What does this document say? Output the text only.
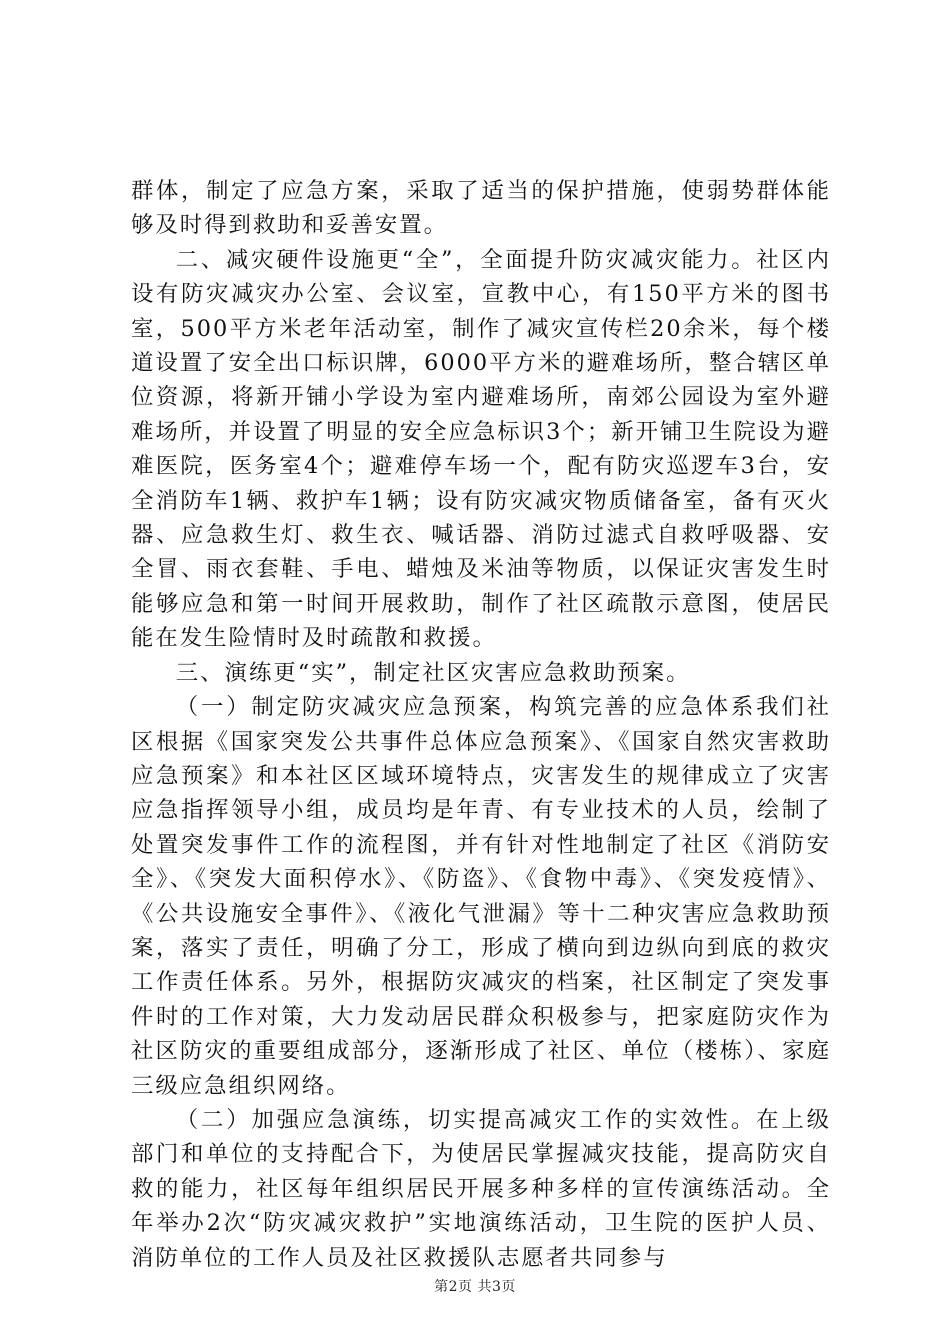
群体，制定了应急方案，采取了适当的保护措施，使弱势群体能够及时得到救助和妥善安置。

二、减灾硬件设施更“全”，全面提升防灾减灾能力。社区内设有防灾减灾办公室、会议室，宣教中心，有150平方米的图书室，500平方米老年活动室，制作了减灾宣传栏20余米，每个楼道设置了安全出口标识牌，6000平方米的避难场所，整合辖区单位资源，将新开铺小学设为室内避难场所，南郊公园设为室外避难场所，并设置了明显的安全应急标识3个；新开铺卫生院设为避难医院，医务室4个；避难停车场一个，配有防灾巡逻车3台，安全消防车1辆、救护车1辆；设有防灾减灾物质储备室，备有灭火器、应急救生灯、救生衣、喊话器、消防过滤式自救呼吸器、安全冒、雨衣套鞋、手电、蜡烛及米油等物质，以保证灾害发生时能够应急和第一时间开展救助，制作了社区疏散示意图，使居民能在发生险情时及时疏散和救援。

三、演练更“实”，制定社区灾害应急救助预案。

（一）制定防灾减灾应急预案，构筑完善的应急体系我们社区根据《国家突发公共事件总体应急预案》、《国家自然灾害救助应急预案》和本社区区域环境特点，灾害发生的规律成立了灾害应急指挥领导小组，成员均是年青、有专业技术的人员，绘制了处置突发事件工作的流程图，并有针对性地制定了社区《消防安全》、《突发大面积停水》、《防盗》、《食物中毒》、《突发疫情》、《公共设施安全事件》、《液化气泄漏》等十二种灾害应急救助预案，落实了责任，明确了分工，形成了横向到边纵向到底的救灾工作责任体系。另外，根据防灾减灾的档案，社区制定了突发事件时的工作对策，大力发动居民群众积极参与，把家庭防灾作为社区防灾的重要组成部分，逐渐形成了社区、单位（楼栋）、家庭三级应急组织网络。

（二）加强应急演练，切实提高减灾工作的实效性。在上级部门和单位的支持配合下，为使居民掌握减灾技能，提高防灾自救的能力，社区每年组织居民开展多种多样的宣传演练活动。全年举办2次“防灾减灾救护”实地演练活动，卫生院的医护人员、消防单位的工作人员及社区救援队志愿者共同参与

第2页 共3页
